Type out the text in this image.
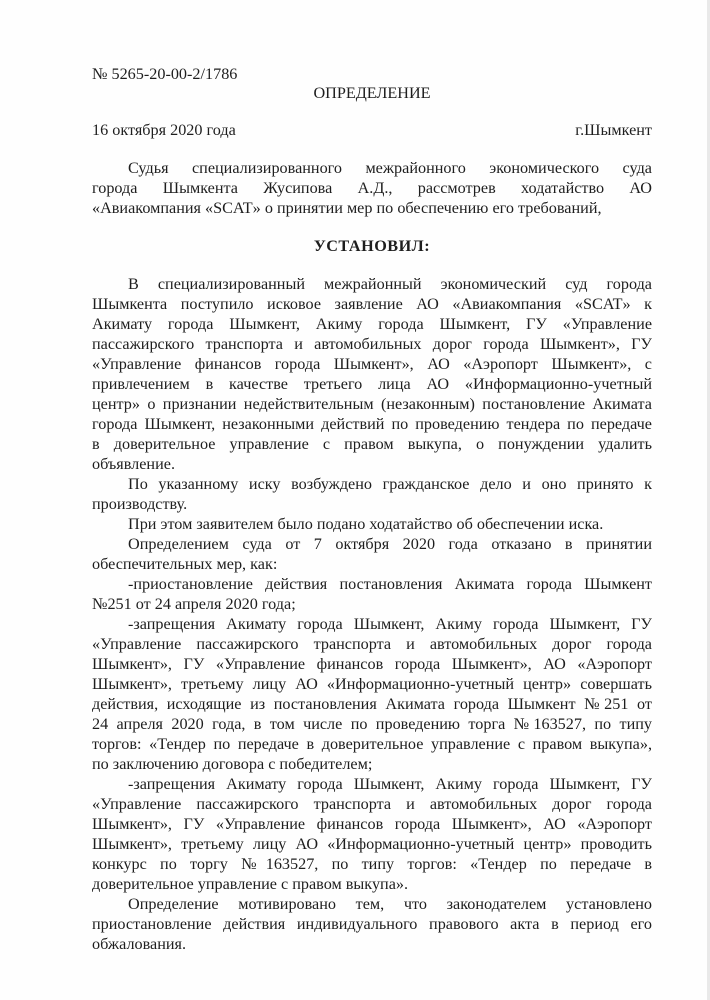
№ 5265-20-00-2/1786
ОПРЕДЕЛЕНИЕ
16 октября 2020 года	г.Шымкент
Судья специализированного межрайонного экономического суда
города Шымкента Жусипова А.Д., рассмотрев ходатайство АО
«Авиакомпания «SCAT» о принятии мер по обеспечению его требований,
УСТАНОВИЛ:
В специализированный межрайонный экономический суд города
Шымкента поступило исковое заявление АО «Авиакомпания «SCAT» к
Акимату города Шымкент, Акиму города Шымкент, ГУ «Управление
пассажирского транспорта и автомобильных дорог города Шымкент», ГУ
«Управление финансов города Шымкент», АО «Аэропорт Шымкент», с
привлечением в качестве третьего лица АО «Информационно-учетный
центр» о признании недействительным (незаконным) постановление Акимата
города Шымкент, незаконными действий по проведению тендера по передаче
в доверительное управление с правом выкупа, о понуждении удалить
объявление.
По указанному иску возбуждено гражданское дело и оно принято к
производству.
При этом заявителем было подано ходатайство об обеспечении иска.
Определением суда от 7 октября 2020 года отказано в принятии
обеспечительных мер, как:
-приостановление действия постановления Акимата города Шымкент
№251 от 24 апреля 2020 года;
-запрещения Акимату города Шымкент, Акиму города Шымкент, ГУ
«Управление пассажирского транспорта и автомобильных дорог города
Шымкент», ГУ «Управление финансов города Шымкент», АО «Аэропорт
Шымкент», третьему лицу АО «Информационно-учетный центр» совершать
действия, исходящие из постановления Акимата города Шымкент №251 от
24 апреля 2020 года, в том числе по проведению торга №163527, по типу
торгов: «Тендер по передаче в доверительное управление с правом выкупа»,
по заключению договора с победителем;
-запрещения Акимату города Шымкент, Акиму города Шымкент, ГУ
«Управление пассажирского транспорта и автомобильных дорог города
Шымкент», ГУ «Управление финансов города Шымкент», АО «Аэропорт
Шымкент», третьему лицу АО «Информационно-учетный центр» проводить
конкурс по торгу №163527, по типу торгов: «Тендер по передаче в
доверительное управление с правом выкупа».
Определение мотивировано тем, что законодателем установлено
приостановление действия индивидуального правового акта в период его
обжалования.
